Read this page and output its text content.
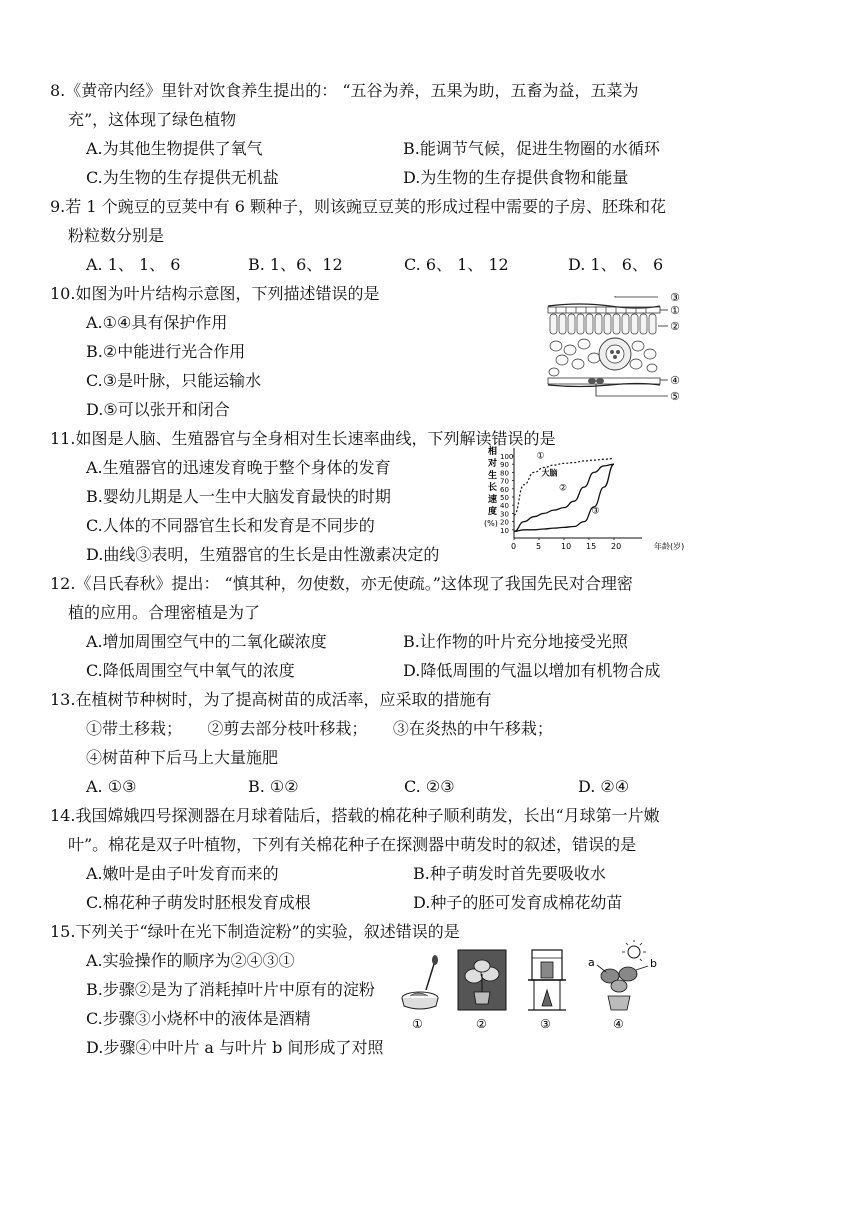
8.《黄帝内经》里针对饮食养生提出的： “五谷为养，五果为助，五畜为益，五菜为
充”，这体现了绿色植物
A.为其他生物提供了氧气	B.能调节气候，促进生物圈的水循环
C.为生物的生存提供无机盐	D.为生物的生存提供食物和能量
9.若 1 个豌豆的豆荚中有 6 颗种子，则该豌豆豆荚的形成过程中需要的子房、胚珠和花
粉粒数分别是
A. 1、 1、 6	B. 1、6、12	C. 6、 1、 12	D. 1、 6、 6
10.如图为叶片结构示意图，下列描述错误的是
A.①④具有保护作用
B.②中能进行光合作用
C.③是叶脉，只能运输水
D.⑤可以张开和闭合
③
①
②
④
⑤
11.如图是人脑、生殖器官与全身相对生长速率曲线，下列解读错误的是
A.生殖器官的迅速发育晚于整个身体的发育
B.婴幼儿期是人一生中大脑发育最快的时期
C.人体的不同器官生长和发育是不同步的
D.曲线③表明，生殖器官的生长是由性激素决定的
相
对
生
长
速
度
(%)
0 5 10 15 20
100
90
80
70
60
50
40
30
20
10
①
②
③
大脑
年龄(岁)
12.《吕氏春秋》提出： “慎其种，勿使数，亦无使疏。”这体现了我国先民对合理密
植的应用。合理密植是为了
A.增加周围空气中的二氧化碳浓度	B.让作物的叶片充分地接受光照
C.降低周围空气中氧气的浓度	D.降低周围的气温以增加有机物合成
13.在植树节种树时，为了提高树苗的成活率，应采取的措施有
①带土移栽；     ②剪去部分枝叶移栽；     ③在炎热的中午移栽；
④树苗种下后马上大量施肥
A. ①③	B. ①②	C. ②③	D. ②④
14.我国嫦娥四号探测器在月球着陆后，搭载的棉花种子顺利萌发，长出“月球第一片嫩
叶”。棉花是双子叶植物，下列有关棉花种子在探测器中萌发时的叙述，错误的是
A.嫩叶是由子叶发育而来的	B.种子萌发时首先要吸收水
C.棉花种子萌发时胚根发育成根	D.种子的胚可发育成棉花幼苗
15.下列关于“绿叶在光下制造淀粉”的实验，叙述错误的是
A.实验操作的顺序为②④③①
B.步骤②是为了消耗掉叶片中原有的淀粉
C.步骤③小烧杯中的液体是酒精
D.步骤④中叶片 a 与叶片 b 间形成了对照
①	②	③	④
a	b
